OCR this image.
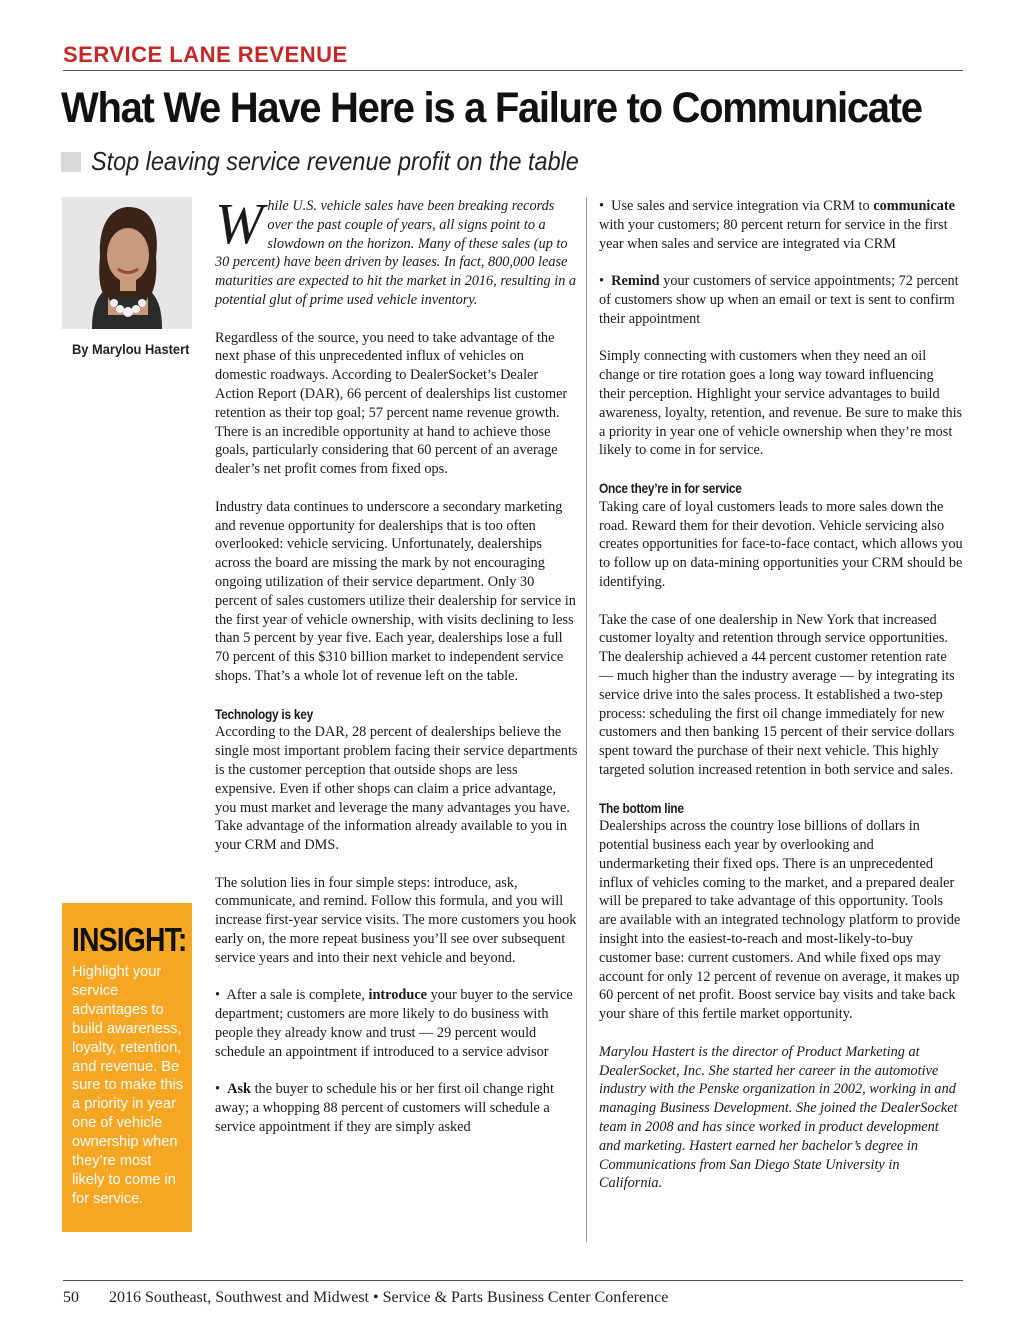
SERVICE LANE REVENUE
What We Have Here is a Failure to Communicate
Stop leaving service revenue profit on the table
By Marylou Hastert
INSIGHT:
Highlight your service advantages to build awareness, loyalty, retention, and revenue. Be sure to make this a priority in year one of vehicle ownership when they’re most likely to come in for service.

While U.S. vehicle sales have been breaking records over the past couple of years, all signs point to a slowdown on the horizon. Many of these sales (up to 30 percent) have been driven by leases. In fact, 800,000 lease maturities are expected to hit the market in 2016, resulting in a potential glut of prime used vehicle inventory.

Regardless of the source, you need to take advantage of the next phase of this unprecedented influx of vehicles on domestic roadways. According to DealerSocket’s Dealer Action Report (DAR), 66 percent of dealerships list customer retention as their top goal; 57 percent name revenue growth. There is an incredible opportunity at hand to achieve those goals, particularly considering that 60 percent of an average dealer’s net profit comes from fixed ops.

Industry data continues to underscore a secondary marketing and revenue opportunity for dealerships that is too often overlooked: vehicle servicing. Unfortunately, dealerships across the board are missing the mark by not encouraging ongoing utilization of their service department. Only 30 percent of sales customers utilize their dealership for service in the first year of vehicle ownership, with visits declining to less than 5 percent by year five. Each year, dealerships lose a full 70 percent of this $310 billion market to independent service shops. That’s a whole lot of revenue left on the table.

Technology is key

According to the DAR, 28 percent of dealerships believe the single most important problem facing their service departments is the customer perception that outside shops are less expensive. Even if other shops can claim a price advantage, you must market and leverage the many advantages you have. Take advantage of the information already available to you in your CRM and DMS.

The solution lies in four simple steps: introduce, ask, communicate, and remind. Follow this formula, and you will increase first-year service visits. The more customers you hook early on, the more repeat business you’ll see over subsequent service years and into their next vehicle and beyond.

•  After a sale is complete, introduce your buyer to the service department; customers are more likely to do business with people they already know and trust — 29 percent would schedule an appointment if introduced to a service advisor

•  Ask the buyer to schedule his or her first oil change right away; a whopping 88 percent of customers will schedule a service appointment if they are simply asked

•  Use sales and service integration via CRM to communicate with your customers; 80 percent return for service in the first year when sales and service are integrated via CRM

•  Remind your customers of service appointments; 72 percent of customers show up when an email or text is sent to confirm their appointment

Simply connecting with customers when they need an oil change or tire rotation goes a long way toward influencing their perception. Highlight your service advantages to build awareness, loyalty, retention, and revenue. Be sure to make this a priority in year one of vehicle ownership when they’re most likely to come in for service.

Once they’re in for service

Taking care of loyal customers leads to more sales down the road. Reward them for their devotion. Vehicle servicing also creates opportunities for face-to-face contact, which allows you to follow up on data-mining opportunities your CRM should be identifying.

Take the case of one dealership in New York that increased customer loyalty and retention through service opportunities. The dealership achieved a 44 percent customer retention rate — much higher than the industry average — by integrating its service drive into the sales process. It established a two-step process: scheduling the first oil change immediately for new customers and then banking 15 percent of their service dollars spent toward the purchase of their next vehicle. This highly targeted solution increased retention in both service and sales.

The bottom line

Dealerships across the country lose billions of dollars in potential business each year by overlooking and undermarketing their fixed ops. There is an unprecedented influx of vehicles coming to the market, and a prepared dealer will be prepared to take advantage of this opportunity. Tools are available with an integrated technology platform to provide insight into the easiest-to-reach and most-likely-to-buy customer base: current customers. And while fixed ops may account for only 12 percent of revenue on average, it makes up 60 percent of net profit. Boost service bay visits and take back your share of this fertile market opportunity.

Marylou Hastert is the director of Product Marketing at DealerSocket, Inc. She started her career in the automotive industry with the Penske organization in 2002, working in and managing Business Development. She joined the DealerSocket team in 2008 and has since worked in product development and marketing. Hastert earned her bachelor’s degree in Communications from San Diego State University in California.

50 2016 Southeast, Southwest and Midwest • Service & Parts Business Center Conference
